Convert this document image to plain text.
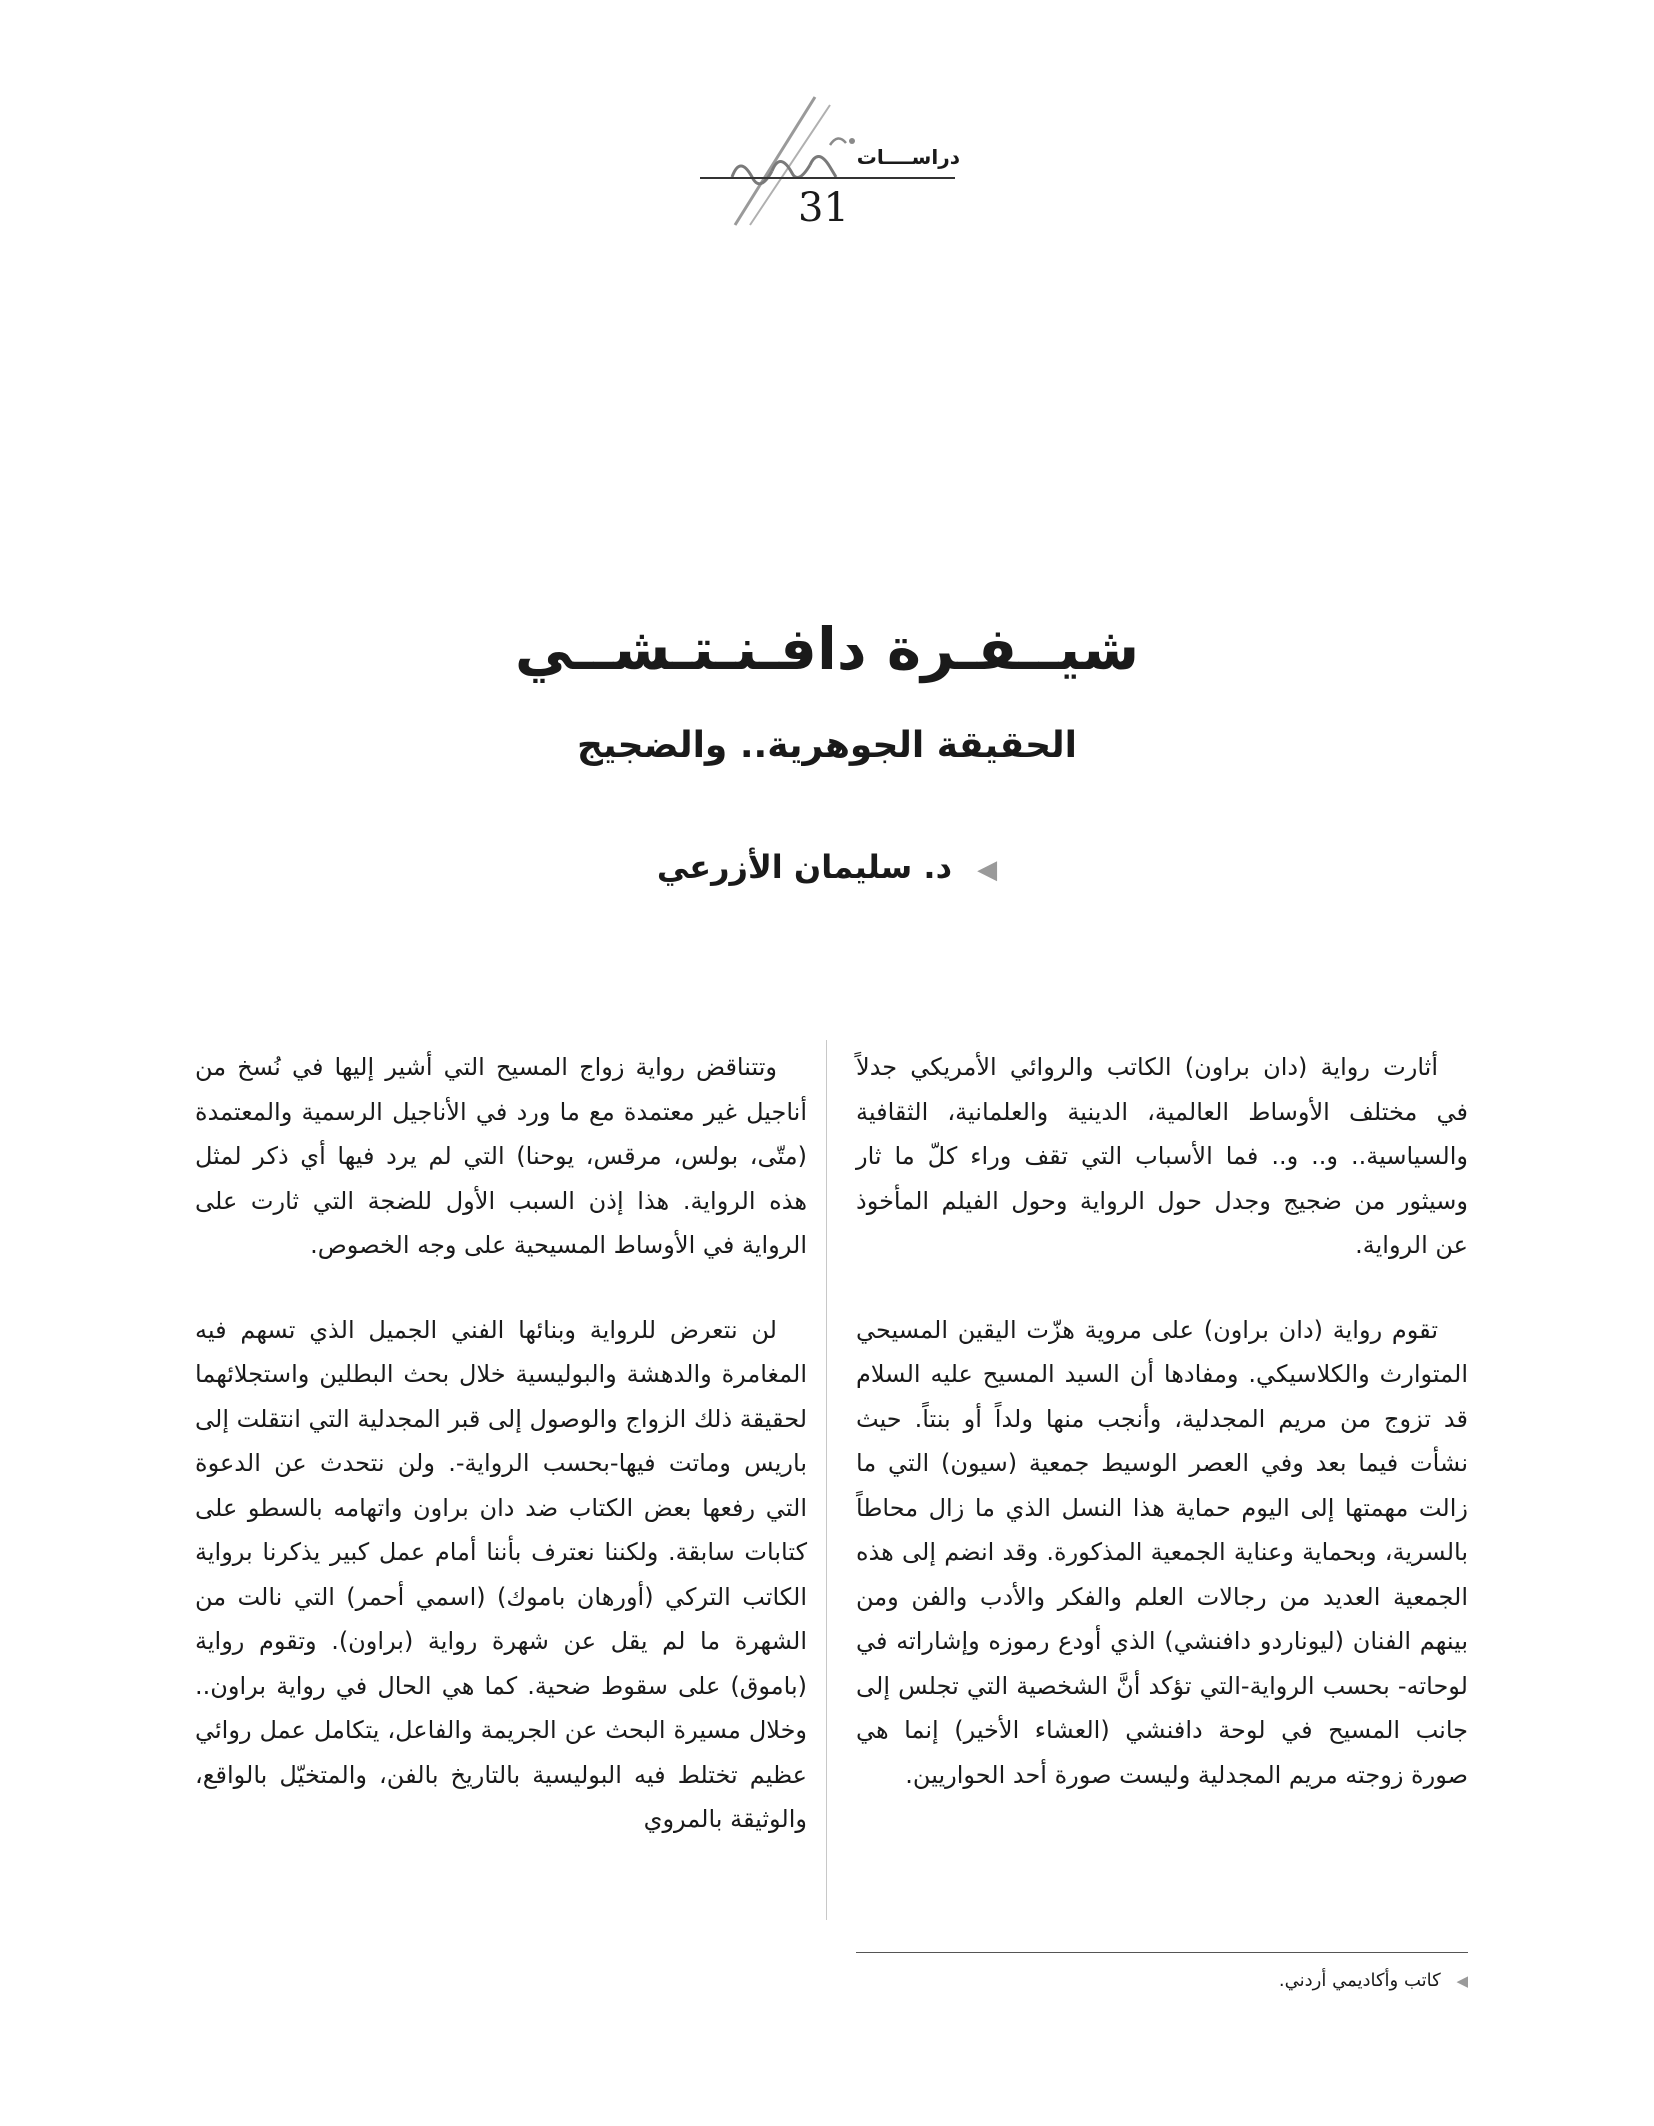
دراســــات
31
شيــفـرة دافـنـتـشــي
الحقيقة الجوهرية.. والضجيج
◀ د. سليمان الأزرعي

أثارت رواية (دان براون) الكاتب والروائي الأمريكي جدلاً في مختلف الأوساط العالمية، الدينية والعلمانية، الثقافية والسياسية.. و.. و.. فما الأسباب التي تقف وراء كلّ ما ثار وسيثور من ضجيج وجدل حول الرواية وحول الفيلم المأخوذ عن الرواية.

تقوم رواية (دان براون) على مروية هزّت اليقين المسيحي المتوارث والكلاسيكي. ومفادها أن السيد المسيح عليه السلام قد تزوج من مريم المجدلية، وأنجب منها ولداً أو بنتاً. حيث نشأت فيما بعد وفي العصر الوسيط جمعية (سيون) التي ما زالت مهمتها إلى اليوم حماية هذا النسل الذي ما زال محاطاً بالسرية، وبحماية وعناية الجمعية المذكورة. وقد انضم إلى هذه الجمعية العديد من رجالات العلم والفكر والأدب والفن ومن بينهم الفنان (ليوناردو دافنشي) الذي أودع رموزه وإشاراته في لوحاته- بحسب الرواية-التي تؤكد أنَّ الشخصية التي تجلس إلى جانب المسيح في لوحة دافنشي (العشاء الأخير) إنما هي صورة زوجته مريم المجدلية وليست صورة أحد الحواريين.

وتتناقض رواية زواج المسيح التي أشير إليها في نُسخ من أناجيل غير معتمدة مع ما ورد في الأناجيل الرسمية والمعتمدة (متّى، بولس، مرقس، يوحنا) التي لم يرد فيها أي ذكر لمثل هذه الرواية. هذا إذن السبب الأول للضجة التي ثارت على الرواية في الأوساط المسيحية على وجه الخصوص.

لن نتعرض للرواية وبنائها الفني الجميل الذي تسهم فيه المغامرة والدهشة والبوليسية خلال بحث البطلين واستجلائهما لحقيقة ذلك الزواج والوصول إلى قبر المجدلية التي انتقلت إلى باريس وماتت فيها-بحسب الرواية-. ولن نتحدث عن الدعوة التي رفعها بعض الكتاب ضد دان براون واتهامه بالسطو على كتابات سابقة. ولكننا نعترف بأننا أمام عمل كبير يذكرنا برواية الكاتب التركي (أورهان باموك) (اسمي أحمر) التي نالت من الشهرة ما لم يقل عن شهرة رواية (براون). وتقوم رواية (باموق) على سقوط ضحية. كما هي الحال في رواية براون.. وخلال مسيرة البحث عن الجريمة والفاعل، يتكامل عمل روائي عظيم تختلط فيه البوليسية بالتاريخ بالفن، والمتخيّل بالواقع، والوثيقة بالمروي

◀ كاتب وأكاديمي أردني.
